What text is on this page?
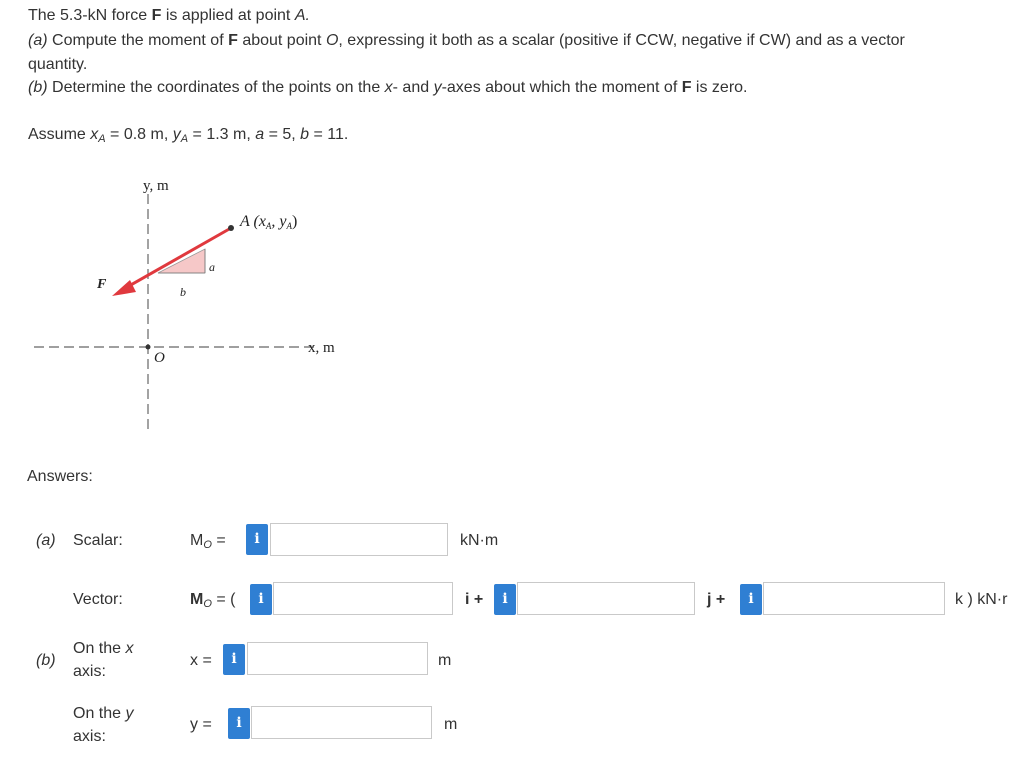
The 5.3-kN force F is applied at point A.
(a) Compute the moment of F about point O, expressing it both as a scalar (positive if CCW, negative if CW) and as a vector
quantity.
(b) Determine the coordinates of the points on the x- and y-axes about which the moment of F is zero.
Assume $x_A = 0.8$ m, $y_A = 1.3$ m, a = 5, b = 11.
y, m
x, m
A (xA, yA)
F
O
a
b
Answers:
(a) Scalar:	$M_O$ =	i	kN·m
Vector:	$M_O$ = (	i	i +	i	j +	i	k ) kN·r
(b)
On the x
axis:
x =	i	m
On the y
axis:
y =	i	m
